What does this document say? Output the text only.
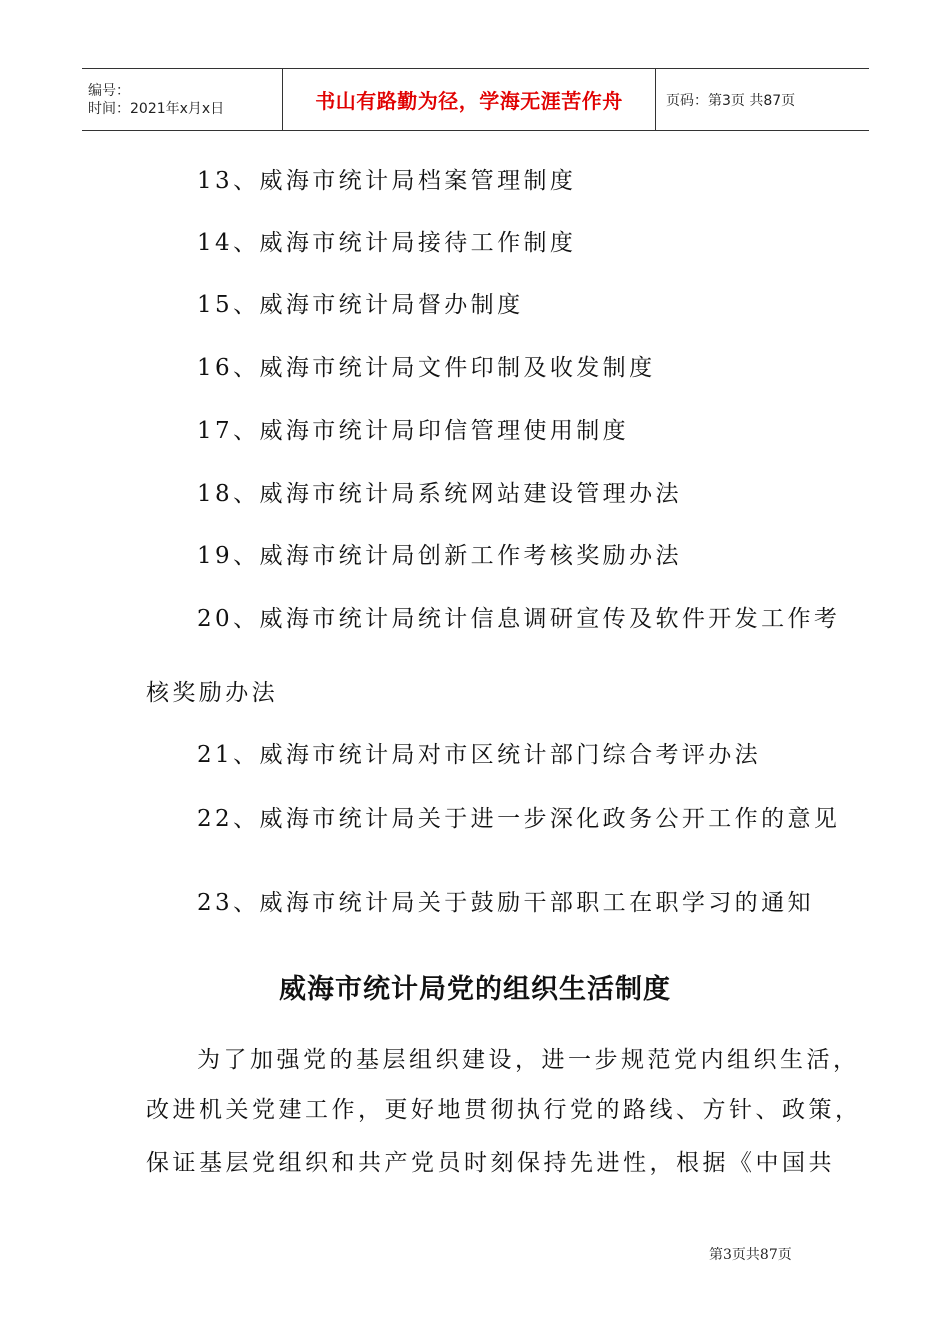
编号：
时间：2021年x月x日	书山有路勤为径，学海无涯苦作舟	页码：第3页 共87页
13、威海市统计局档案管理制度
14、威海市统计局接待工作制度
15、威海市统计局督办制度
16、威海市统计局文件印制及收发制度
17、威海市统计局印信管理使用制度
18、威海市统计局系统网站建设管理办法
19、威海市统计局创新工作考核奖励办法
20、威海市统计局统计信息调研宣传及软件开发工作考
核奖励办法
21、威海市统计局对市区统计部门综合考评办法
22、威海市统计局关于进一步深化政务公开工作的意见
23、威海市统计局关于鼓励干部职工在职学习的通知
威海市统计局党的组织生活制度
为了加强党的基层组织建设，进一步规范党内组织生活，
改进机关党建工作，更好地贯彻执行党的路线、方针、政策，
保证基层党组织和共产党员时刻保持先进性，根据《中国共
第3页共87页
